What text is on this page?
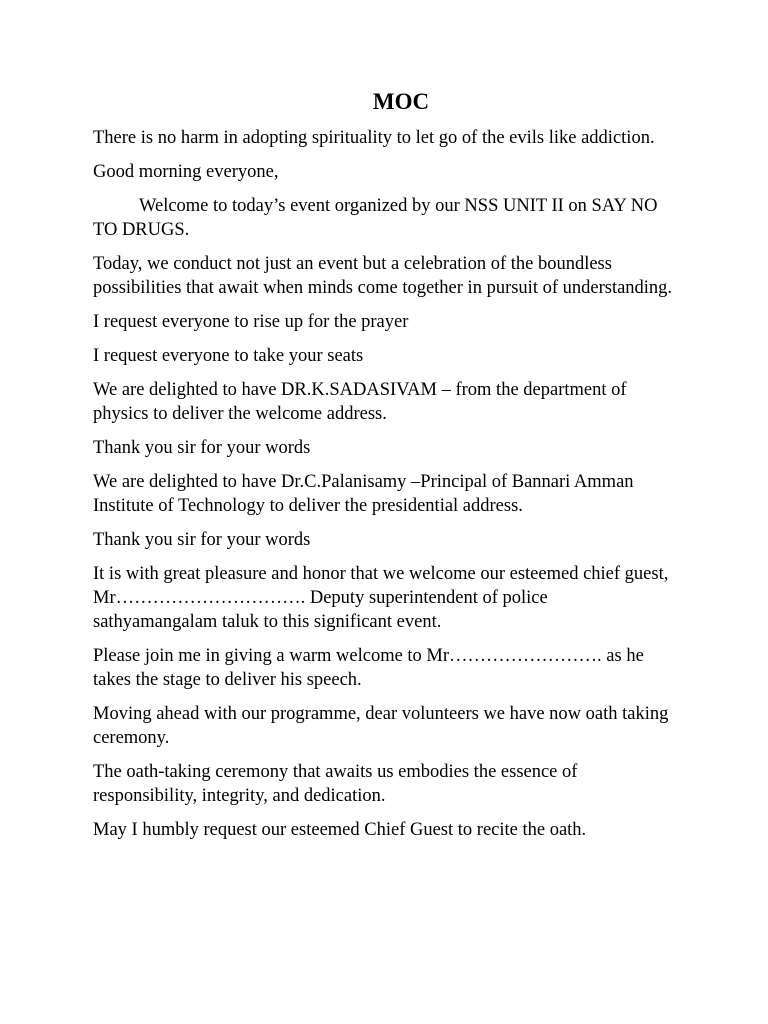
MOC

There is no harm in adopting spirituality to let go of the evils like addiction.

Good morning everyone,

Welcome to today’s event organized by our NSS UNIT II on SAY NO TO DRUGS.

Today, we conduct not just an event but a celebration of the boundless possibilities that await when minds come together in pursuit of understanding.

I request everyone to rise up for the prayer

I request everyone to take your seats

We are delighted to have DR.K.SADASIVAM – from the department of physics to deliver the welcome address.

Thank you sir for your words

We are delighted to have Dr.C.Palanisamy –Principal of Bannari Amman Institute of Technology to deliver the presidential address.

Thank you sir for your words

It is with great pleasure and honor that we welcome our esteemed chief guest, Mr…………………………. Deputy superintendent of police sathyamangalam taluk to this significant event.

Please join me in giving a warm welcome to Mr……………………. as he takes the stage to deliver his speech.

Moving ahead with our programme, dear volunteers we have now oath taking ceremony.

The oath-taking ceremony that awaits us embodies the essence of responsibility, integrity, and dedication.

May I humbly request our esteemed Chief Guest to recite the oath.
